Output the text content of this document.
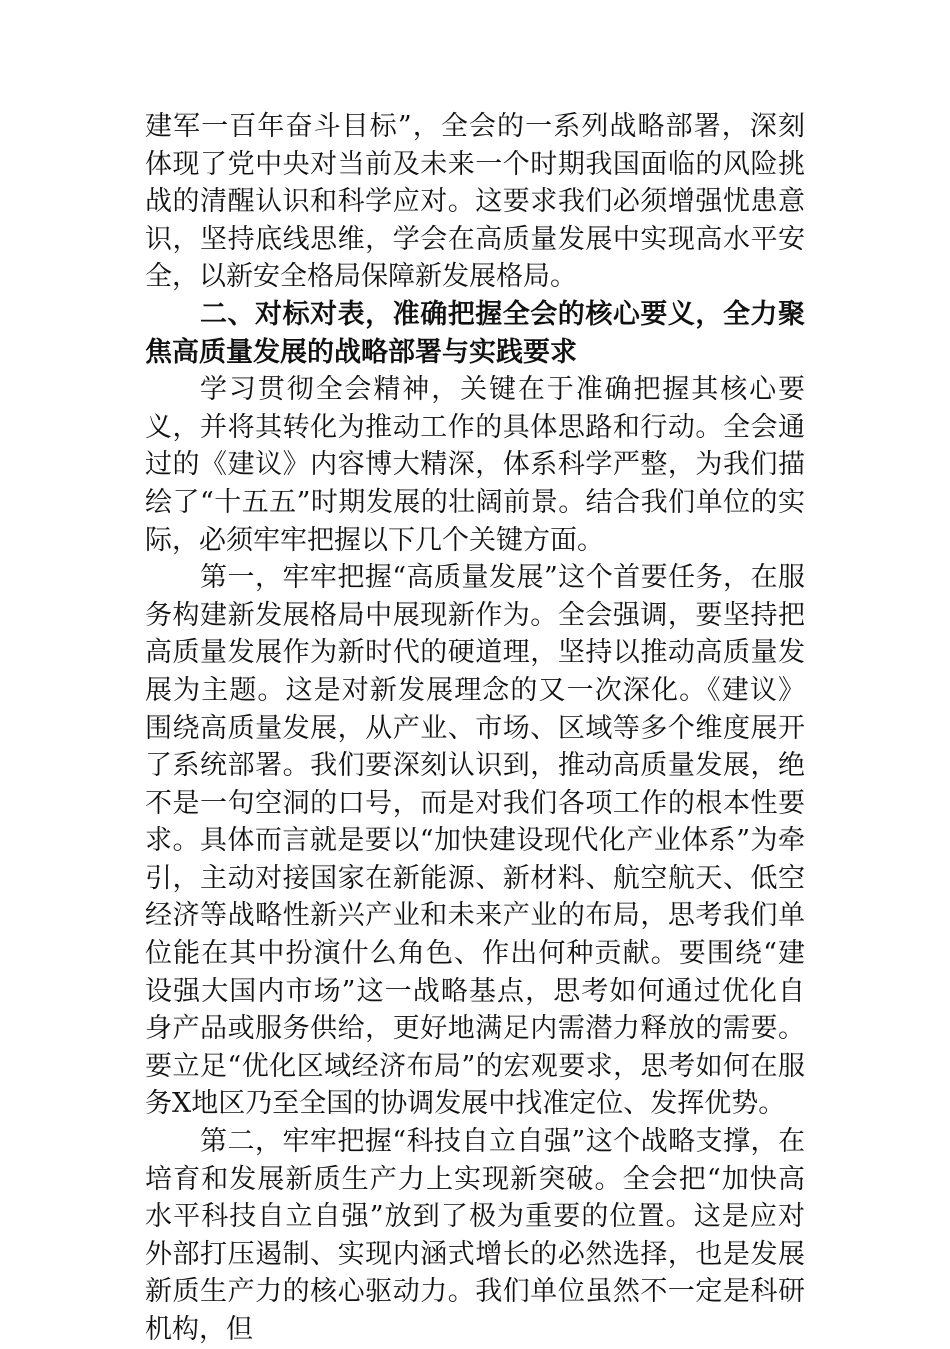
建军一百年奋斗目标”，全会的一系列战略部署，深刻体现了党中央对当前及未来一个时期我国面临的风险挑战的清醒认识和科学应对。这要求我们必须增强忧患意识，坚持底线思维，学会在高质量发展中实现高水平安全，以新安全格局保障新发展格局。

二、对标对表，准确把握全会的核心要义，全力聚焦高质量发展的战略部署与实践要求

学习贯彻全会精神，关键在于准确把握其核心要义，并将其转化为推动工作的具体思路和行动。全会通过的《建议》内容博大精深，体系科学严整，为我们描绘了“十五五”时期发展的壮阔前景。结合我们单位的实际，必须牢牢把握以下几个关键方面。

第一，牢牢把握“高质量发展”这个首要任务，在服务构建新发展格局中展现新作为。全会强调，要坚持把高质量发展作为新时代的硬道理，坚持以推动高质量发展为主题。这是对新发展理念的又一次深化。《建议》围绕高质量发展，从产业、市场、区域等多个维度展开了系统部署。我们要深刻认识到，推动高质量发展，绝不是一句空洞的口号，而是对我们各项工作的根本性要求。具体而言就是要以“加快建设现代化产业体系”为牵引，主动对接国家在新能源、新材料、航空航天、低空经济等战略性新兴产业和未来产业的布局，思考我们单位能在其中扮演什么角色、作出何种贡献。要围绕“建设强大国内市场”这一战略基点，思考如何通过优化自身产品或服务供给，更好地满足内需潜力释放的需要。要立足“优化区域经济布局”的宏观要求，思考如何在服务X地区乃至全国的协调发展中找准定位、发挥优势。

第二，牢牢把握“科技自立自强”这个战略支撑，在培育和发展新质生产力上实现新突破。全会把“加快高水平科技自立自强”放到了极为重要的位置。这是应对外部打压遏制、实现内涵式增长的必然选择，也是发展新质生产力的核心驱动力。我们单位虽然不一定是科研机构，但
